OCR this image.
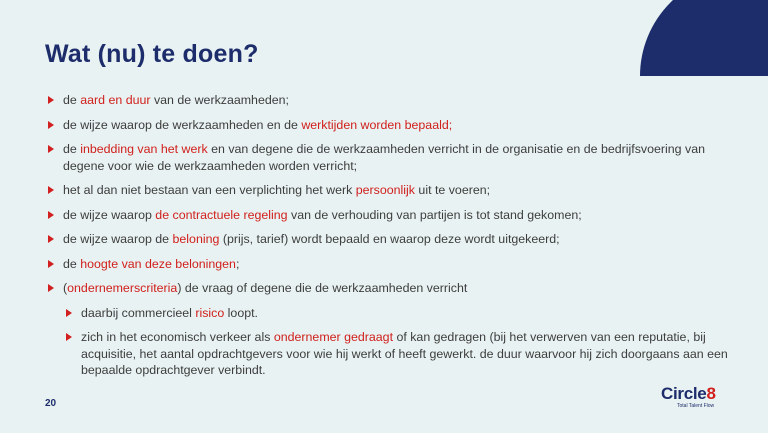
Wat (nu) te doen?
de aard en duur van de werkzaamheden;
de wijze waarop de werkzaamheden en de werktijden worden bepaald;
de inbedding van het werk en van degene die de werkzaamheden verricht in de organisatie en de bedrijfsvoering van degene voor wie de werkzaamheden worden verricht;
het al dan niet bestaan van een verplichting het werk persoonlijk uit te voeren;
de wijze waarop de contractuele regeling van de verhouding van partijen is tot stand gekomen;
de wijze waarop de beloning (prijs, tarief) wordt bepaald en waarop deze wordt uitgekeerd;
de hoogte van deze beloningen;
(ondernemerscriteria) de vraag of degene die de werkzaamheden verricht
daarbij commercieel risico loopt.
zich in het economisch verkeer als ondernemer gedraagt of kan gedragen (bij het verwerven van een reputatie, bij acquisitie, het aantal opdrachtgevers voor wie hij werkt of heeft gewerkt. de duur waarvoor hij zich doorgaans aan een bepaalde opdrachtgever verbindt.
20
Circle8
Total Talent Flow
